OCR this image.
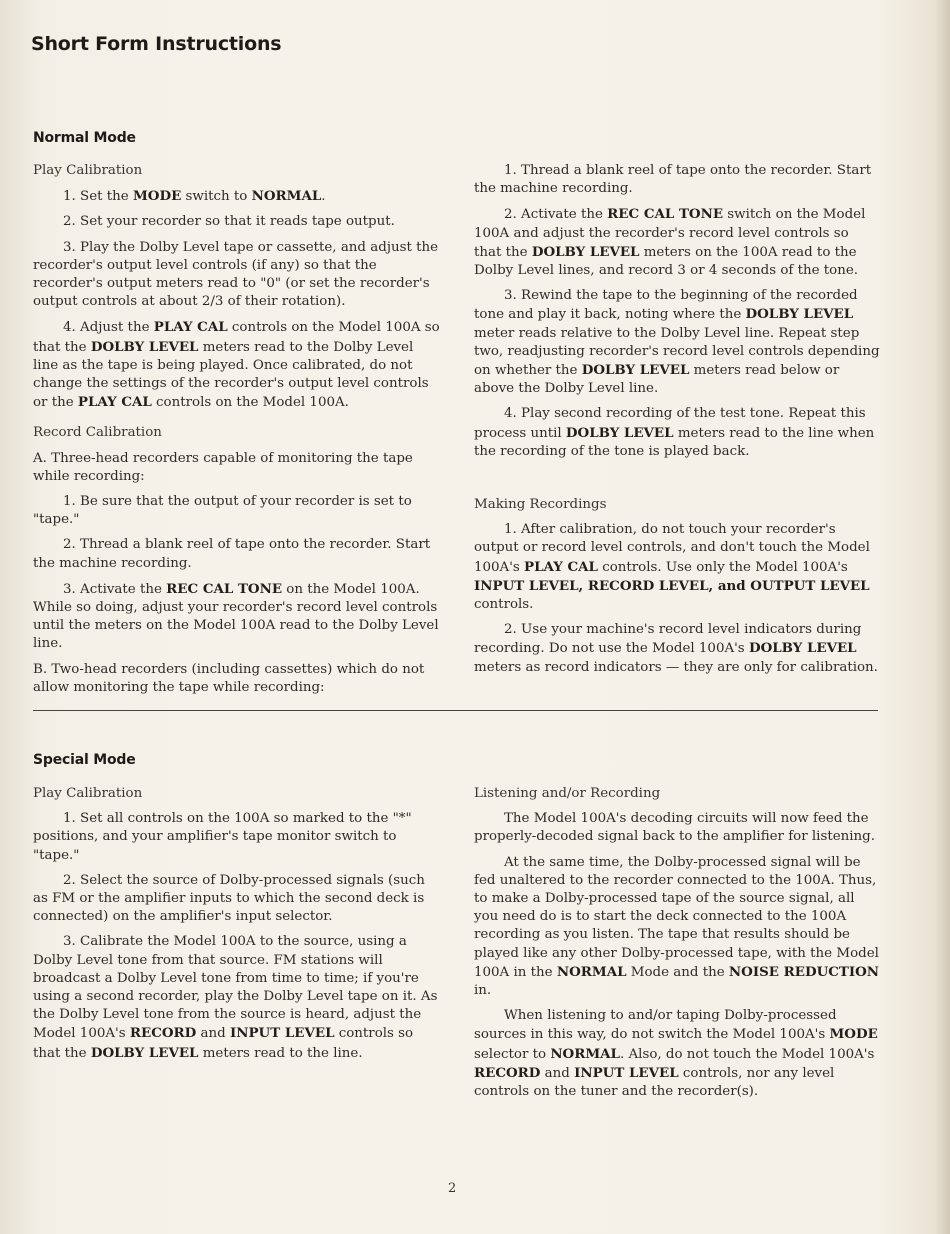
Short Form Instructions
Normal Mode
Play Calibration

1. Set the MODE switch to NORMAL.

2. Set your recorder so that it reads tape output.

3. Play the Dolby Level tape or cassette, and adjust the recorder's output level controls (if any) so that the recorder's output meters read to "0" (or set the recorder's output controls at about 2/3 of their rotation).

4. Adjust the PLAY CAL controls on the Model 100A so that the DOLBY LEVEL meters read to the Dolby Level line as the tape is being played. Once calibrated, do not change the settings of the recorder's output level controls or the PLAY CAL controls on the Model 100A.

Record Calibration

A. Three-head recorders capable of monitoring the tape while recording:

1. Be sure that the output of your recorder is set to "tape."

2. Thread a blank reel of tape onto the recorder. Start the machine recording.

3. Activate the REC CAL TONE on the Model 100A. While so doing, adjust your recorder's record level controls until the meters on the Model 100A read to the Dolby Level line.

B. Two-head recorders (including cassettes) which do not allow monitoring the tape while recording:

1. Thread a blank reel of tape onto the recorder. Start the machine recording.

2. Activate the REC CAL TONE switch on the Model 100A and adjust the recorder's record level controls so that the DOLBY LEVEL meters on the 100A read to the Dolby Level lines, and record 3 or 4 seconds of the tone.

3. Rewind the tape to the beginning of the recorded tone and play it back, noting where the DOLBY LEVEL meter reads relative to the Dolby Level line. Repeat step two, readjusting recorder's record level controls depending on whether the DOLBY LEVEL meters read below or above the Dolby Level line.

4. Play second recording of the test tone. Repeat this process until DOLBY LEVEL meters read to the line when the recording of the tone is played back.

Making Recordings

1. After calibration, do not touch your recorder's output or record level controls, and don't touch the Model 100A's PLAY CAL controls. Use only the Model 100A's INPUT LEVEL, RECORD LEVEL, and OUTPUT LEVEL controls.

2. Use your machine's record level indicators during recording. Do not use the Model 100A's DOLBY LEVEL meters as record indicators — they are only for calibration.

Special Mode
Play Calibration

1. Set all controls on the 100A so marked to the "*" positions, and your amplifier's tape monitor switch to "tape."

2. Select the source of Dolby-processed signals (such as FM or the amplifier inputs to which the second deck is connected) on the amplifier's input selector.

3. Calibrate the Model 100A to the source, using a Dolby Level tone from that source. FM stations will broadcast a Dolby Level tone from time to time; if you're using a second recorder, play the Dolby Level tape on it. As the Dolby Level tone from the source is heard, adjust the Model 100A's RECORD and INPUT LEVEL controls so that the DOLBY LEVEL meters read to the line.

Listening and/or Recording

The Model 100A's decoding circuits will now feed the properly-decoded signal back to the amplifier for listening.

At the same time, the Dolby-processed signal will be fed unaltered to the recorder connected to the 100A. Thus, to make a Dolby-processed tape of the source signal, all you need do is to start the deck connected to the 100A recording as you listen. The tape that results should be played like any other Dolby-processed tape, with the Model 100A in the NORMAL Mode and the NOISE REDUCTION in.

When listening to and/or taping Dolby-processed sources in this way, do not switch the Model 100A's MODE selector to NORMAL. Also, do not touch the Model 100A's RECORD and INPUT LEVEL controls, nor any level controls on the tuner and the recorder(s).

2
